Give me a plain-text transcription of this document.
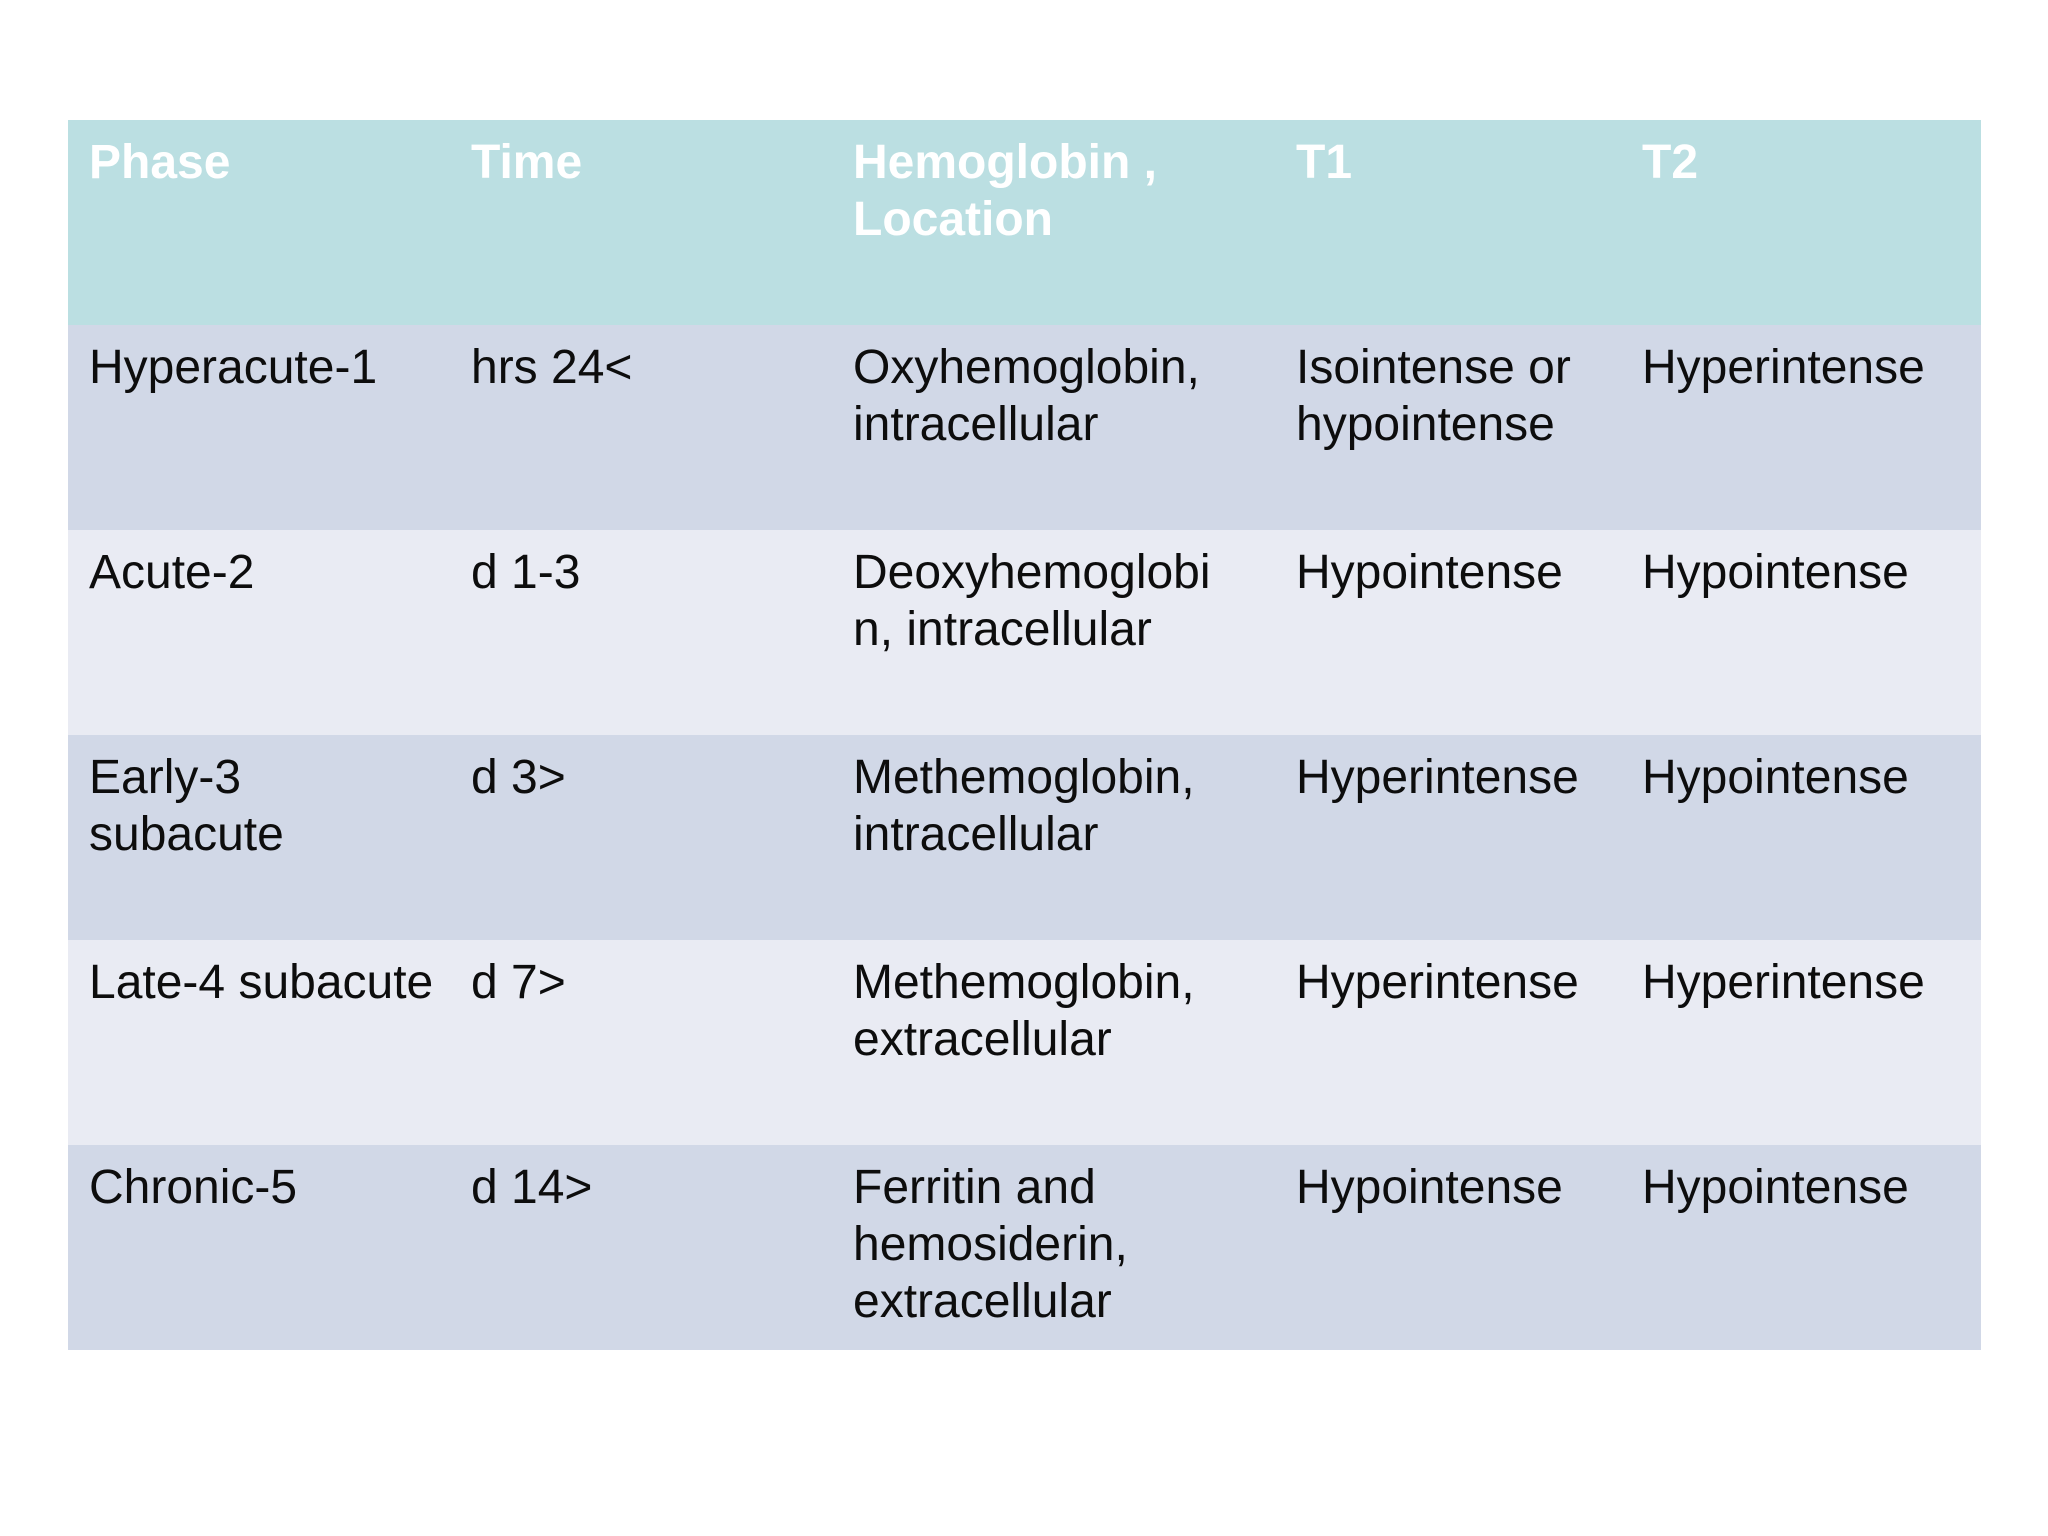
Phase	Time	Hemoglobin , Location	T1	T2
Hyperacute-1	hrs 24<	Oxyhemoglobin, intracellular	Isointense or hypointense	Hyperintense
Acute-2	d 1-3	Deoxyhemoglobi n, intracellular	Hypointense	Hypointense
Early-3 subacute	d 3>	Methemoglobin, intracellular	Hyperintense	Hypointense
Late-4 subacute	d 7>	Methemoglobin, extracellular	Hyperintense	Hyperintense
Chronic-5	d 14>	Ferritin and hemosiderin, extracellular	Hypointense	Hypointense
